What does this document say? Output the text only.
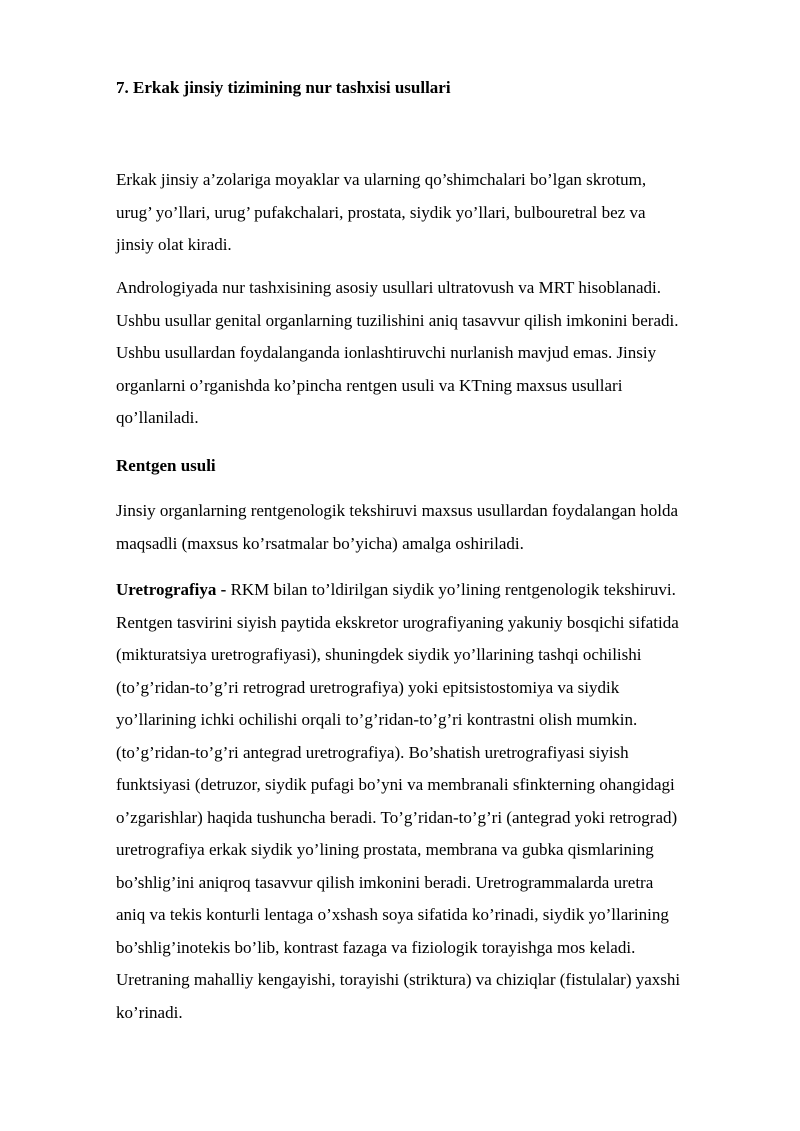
7. Erkak jinsiy tizimining nur tashxisi usullari
Erkak jinsiy a’zolariga moyaklar va ularning qo’shimchalari bo’lgan skrotum,
urug’ yo’llari, urug’ pufakchalari, prostata, siydik yo’llari, bulbouretral bez va
jinsiy olat kiradi.
Andrologiyada nur tashxisining asosiy usullari ultratovush va MRT hisoblanadi.
Ushbu usullar genital organlarning tuzilishini aniq tasavvur qilish imkonini beradi.
Ushbu usullardan foydalanganda ionlashtiruvchi nurlanish mavjud emas. Jinsiy
organlarni o’rganishda ko’pincha rentgen usuli va KTning maxsus usullari
qo’llaniladi.
Rentgen usuli
Jinsiy organlarning rentgenologik tekshiruvi maxsus usullardan foydalangan holda
maqsadli (maxsus ko’rsatmalar bo’yicha) amalga oshiriladi.
Uretrografiya - RKM bilan to’ldirilgan siydik yo’lining rentgenologik tekshiruvi.
Rentgen tasvirini siyish paytida ekskretor urografiyaning yakuniy bosqichi sifatida
(mikturatsiya uretrografiyasi), shuningdek siydik yo’llarining tashqi ochilishi
(to’g’ridan-to’g’ri retrograd uretrografiya) yoki epitsistostomiya va siydik
yo’llarining ichki ochilishi orqali to’g’ridan-to’g’ri kontrastni olish mumkin.
(to’g’ridan-to’g’ri antegrad uretrografiya). Bo’shatish uretrografiyasi siyish
funktsiyasi (detruzor, siydik pufagi bo’yni va membranali sfinkterning ohangidagi
o’zgarishlar) haqida tushuncha beradi. To’g’ridan-to’g’ri (antegrad yoki retrograd)
uretrografiya erkak siydik yo’lining prostata, membrana va gubka qismlarining
bo’shlig’ini aniqroq tasavvur qilish imkonini beradi. Uretrogrammalarda uretra
aniq va tekis konturli lentaga o’xshash soya sifatida ko’rinadi, siydik yo’llarining
bo’shlig’inotekis bo’lib, kontrast fazaga va fiziologik torayishga mos keladi.
Uretraning mahalliy kengayishi, torayishi (striktura) va chiziqlar (fistulalar) yaxshi
ko’rinadi.
